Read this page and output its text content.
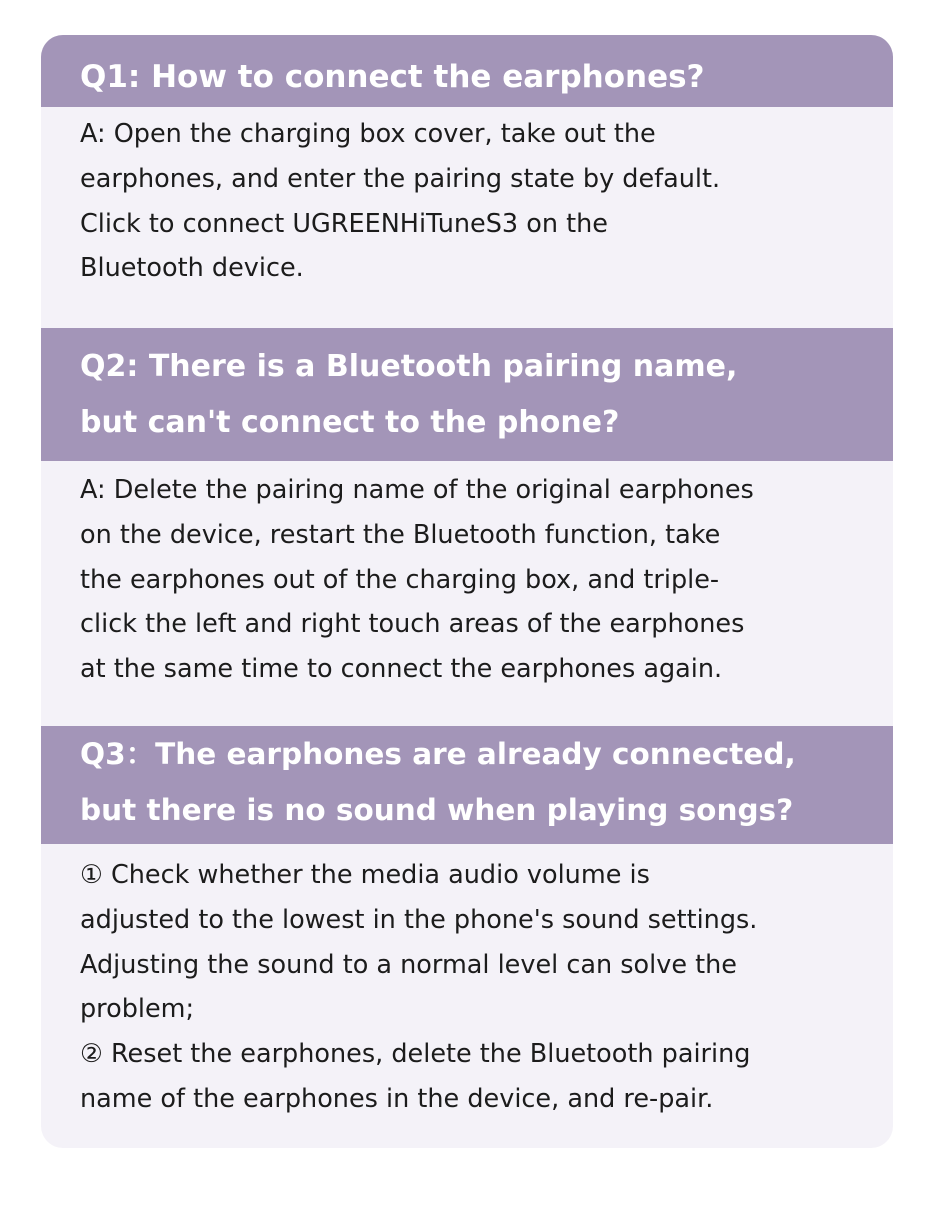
Q1: How to connect the earphones?

A: Open the charging box cover, take out the

earphones, and enter the pairing state by default.

Click to connect UGREENHiTuneS3 on the

Bluetooth device.

Q2: There is a Bluetooth pairing name,
but can't connect to the phone?

A: Delete the pairing name of the original earphones

on the device, restart the Bluetooth function, take

the earphones out of the charging box, and triple-

click the left and right touch areas of the earphones

at the same time to connect the earphones again.

Q3：The earphones are already connected,
but there is no sound when playing songs?

① Check whether the media audio volume is

adjusted to the lowest in the phone's sound settings.

Adjusting the sound to a normal level can solve the

problem;

② Reset the earphones, delete the Bluetooth pairing

name of the earphones in the device, and re-pair.
